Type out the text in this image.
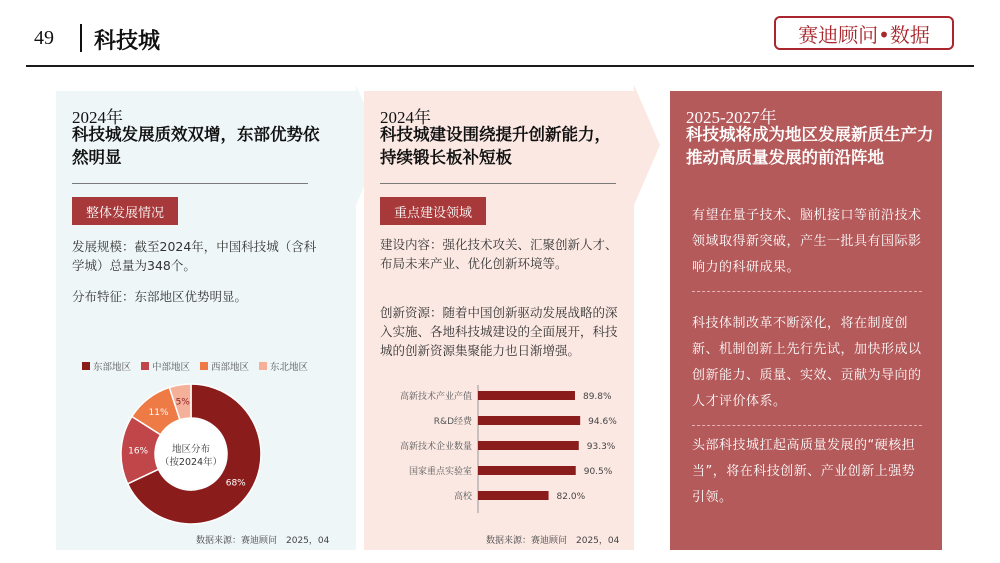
49 科技城	赛迪顾问•数据
2024年
科技城发展质效双增，东部优势依然明显
整体发展情况
发展规模：截至2024年，中国科技城（含科学城）总量为348个。
分布特征：东部地区优势明显。
东部地区 中部地区 西部地区 东北地区
68%
16%
11%
5%
地区分布
（按2024年）
数据来源：赛迪顾问　2025，04
2024年
科技城建设围绕提升创新能力，持续锻长板补短板
重点建设领域
建设内容：强化技术攻关、汇聚创新人才、布局未来产业、优化创新环境等。
创新资源：随着中国创新驱动发展战略的深入实施、各地科技城建设的全面展开，科技城的创新资源集聚能力也日渐增强。
高新技术产业产值	89.8%
R&D经费	94.6%
高新技术企业数量	93.3%
国家重点实验室	90.5%
高校	82.0%
数据来源：赛迪顾问　2025，04
2025-2027年
科技城将成为地区发展新质生产力推动高质量发展的前沿阵地
有望在量子技术、脑机接口等前沿技术领域取得新突破，产生一批具有国际影响力的科研成果。
科技体制改革不断深化，将在制度创新、机制创新上先行先试，加快形成以创新能力、质量、实效、贡献为导向的人才评价体系。
头部科技城扛起高质量发展的“硬核担当”，将在科技创新、产业创新上强势引领。
